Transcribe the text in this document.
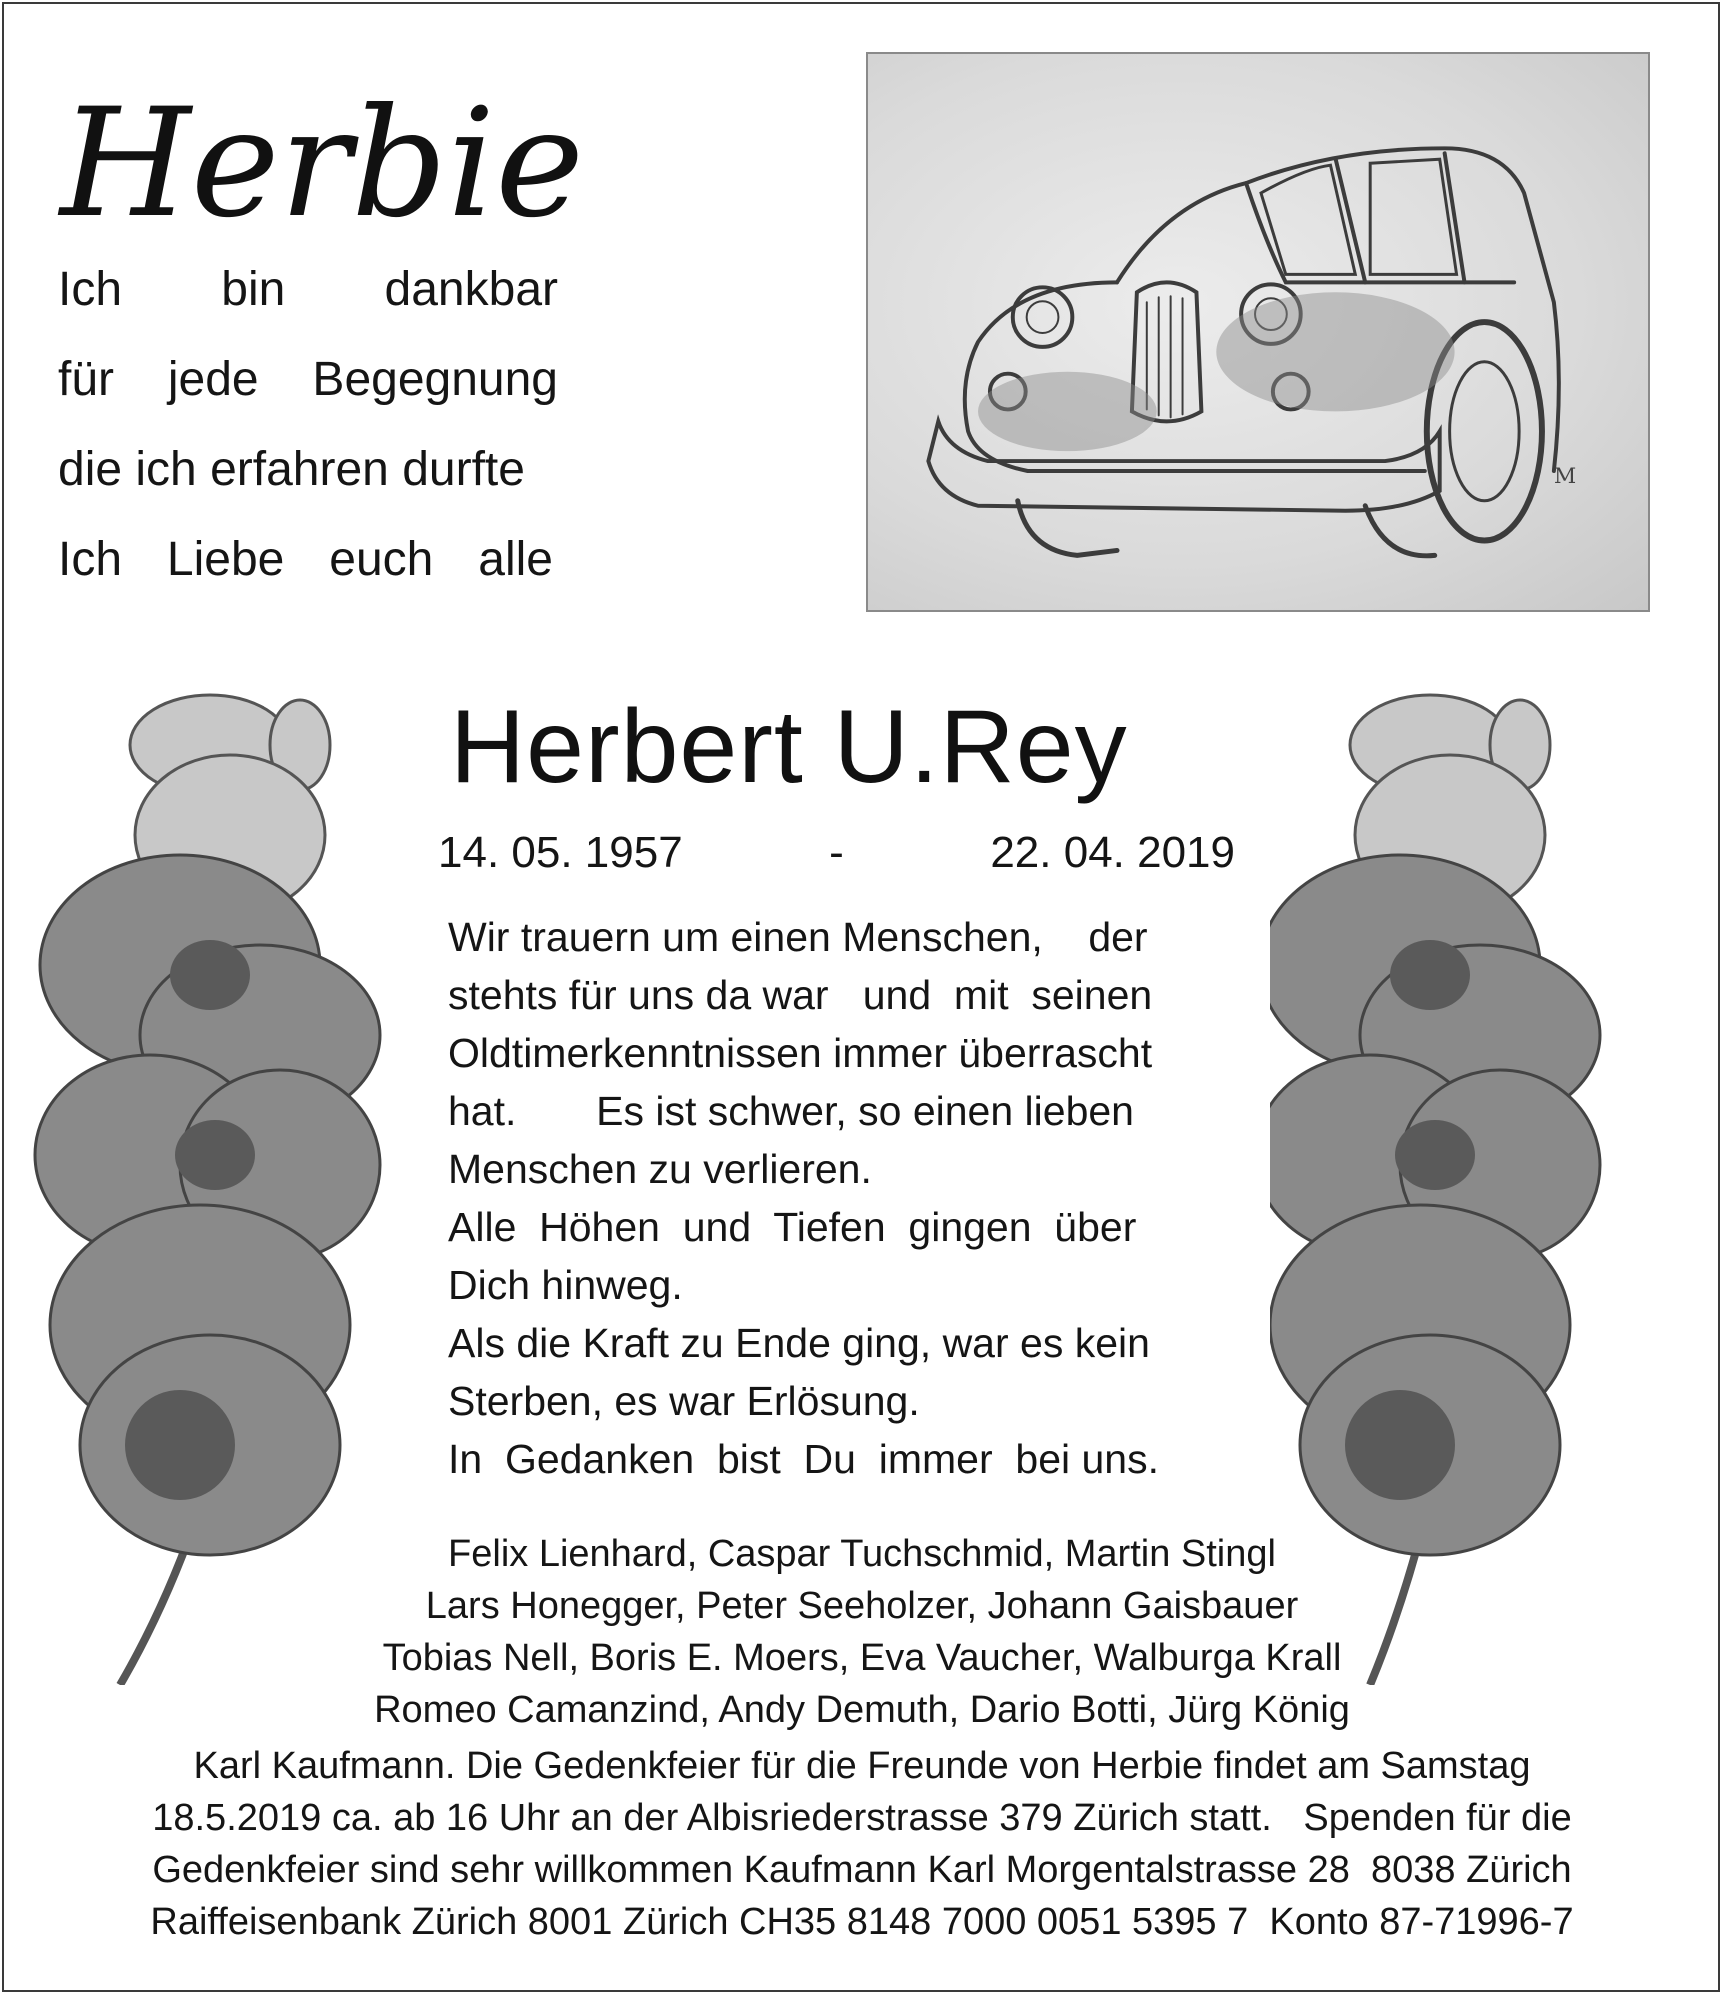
Herbie
Ich bin dankbar
für jede Begegnung
die ich erfahren durfte
Ich Liebe euch alle
M
Herbert U.Rey
14. 05. 1957	-	22. 04. 2019
Wir trauern um einen Menschen,    der
stehts für uns da war   und  mit  seinen
Oldtimerkenntnissen immer überrascht
hat.       Es ist schwer, so einen lieben
Menschen zu verlieren.
Alle  Höhen  und  Tiefen  gingen  über
Dich hinweg.
Als die Kraft zu Ende ging, war es kein
Sterben, es war Erlösung.
In  Gedanken  bist  Du  immer  bei uns.
Felix Lienhard, Caspar Tuchschmid, Martin Stingl
Lars Honegger, Peter Seeholzer, Johann Gaisbauer
Tobias Nell, Boris E. Moers, Eva Vaucher, Walburga Krall
Romeo Camanzind, Andy Demuth, Dario Botti, Jürg König
Karl Kaufmann. Die Gedenkfeier für die Freunde von Herbie findet am Samstag
18.5.2019 ca. ab 16 Uhr an der Albisriederstrasse 379 Zürich statt.   Spenden für die
Gedenkfeier sind sehr willkommen Kaufmann Karl Morgentalstrasse 28  8038 Zürich
Raiffeisenbank Zürich 8001 Zürich CH35 8148 7000 0051 5395 7  Konto 87-71996-7
